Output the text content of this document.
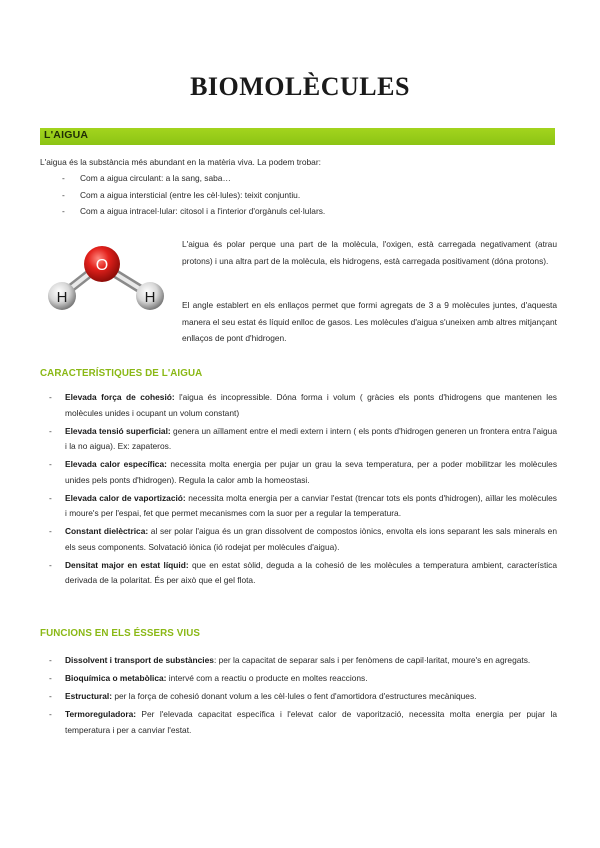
BIOMOLÈCULES
L'AIGUA
L'aigua és la substància més abundant en la matèria viva. La podem trobar:
- Com a aigua circulant: a la sang, saba…
- Com a aigua intersticial (entre les cèl·lules): teixit conjuntiu.
- Com a aigua intracel·lular: citosol i a l'interior d'orgànuls cel·lulars.
O
H	H
L'aigua és polar perque una part de la molècula, l'oxigen, està carregada negativament (atrau protons) i una altra part de la molècula, els hidrogens, està carregada positivament (dóna protons).
El angle establert en els enllaços permet que formi agregats de 3 a 9 molècules juntes, d'aquesta manera el seu estat és líquid enlloc de gasos. Les molècules d'aigua s'uneixen amb altres mitjançant enllaços de pont d'hidrogen.
CARACTERÍSTIQUES DE L'AIGUA
- Elevada força de cohesió: l'aigua és incopressible. Dóna forma i volum ( gràcies els ponts d'hidrogens que mantenen les molècules unides i ocupant un volum constant)
- Elevada tensió superficial: genera un aïllament entre el medi extern i intern ( els ponts d'hidrogen generen un frontera entra l'aigua i la no aigua). Ex: zapateros.
- Elevada calor específica: necessita molta energia per pujar un grau la seva temperatura, per a poder mobilitzar les molècules unides pels ponts d'hidrogen). Regula la calor amb la homeostasi.
- Elevada calor de vaportizació: necessita molta energia per a canviar l'estat (trencar tots els ponts d'hidrogen), aïllar les molècules i moure's per l'espai, fet que permet mecanismes com la suor per a regular la temperatura.
- Constant dielèctrica: al ser polar l'aigua és un gran dissolvent de compostos iònics, envolta els ions separant les sals minerals en els seus components. Solvatació iònica (ió rodejat per molècules d'aigua).
- Densitat major en estat líquid: que en estat sòlid, deguda a la cohesió de les molècules a temperatura ambient, característica derivada de la polaritat. És per això que el gel flota.
FUNCIONS EN ELS ÉSSERS VIUS
- Dissolvent i transport de substàncies: per la capacitat de separar sals i per fenòmens de capil·laritat, moure's en agregats.
- Bioquímica o metabòlica: intervé com a reactiu o producte en moltes reaccions.
- Estructural: per la força de cohesió donant volum a les cèl·lules o fent d'amortidora d'estructures mecàniques.
- Termoreguladora: Per l'elevada capacitat específica i l'elevat calor de vaporització, necessita molta energia per pujar la temperatura i per a canviar l'estat.
